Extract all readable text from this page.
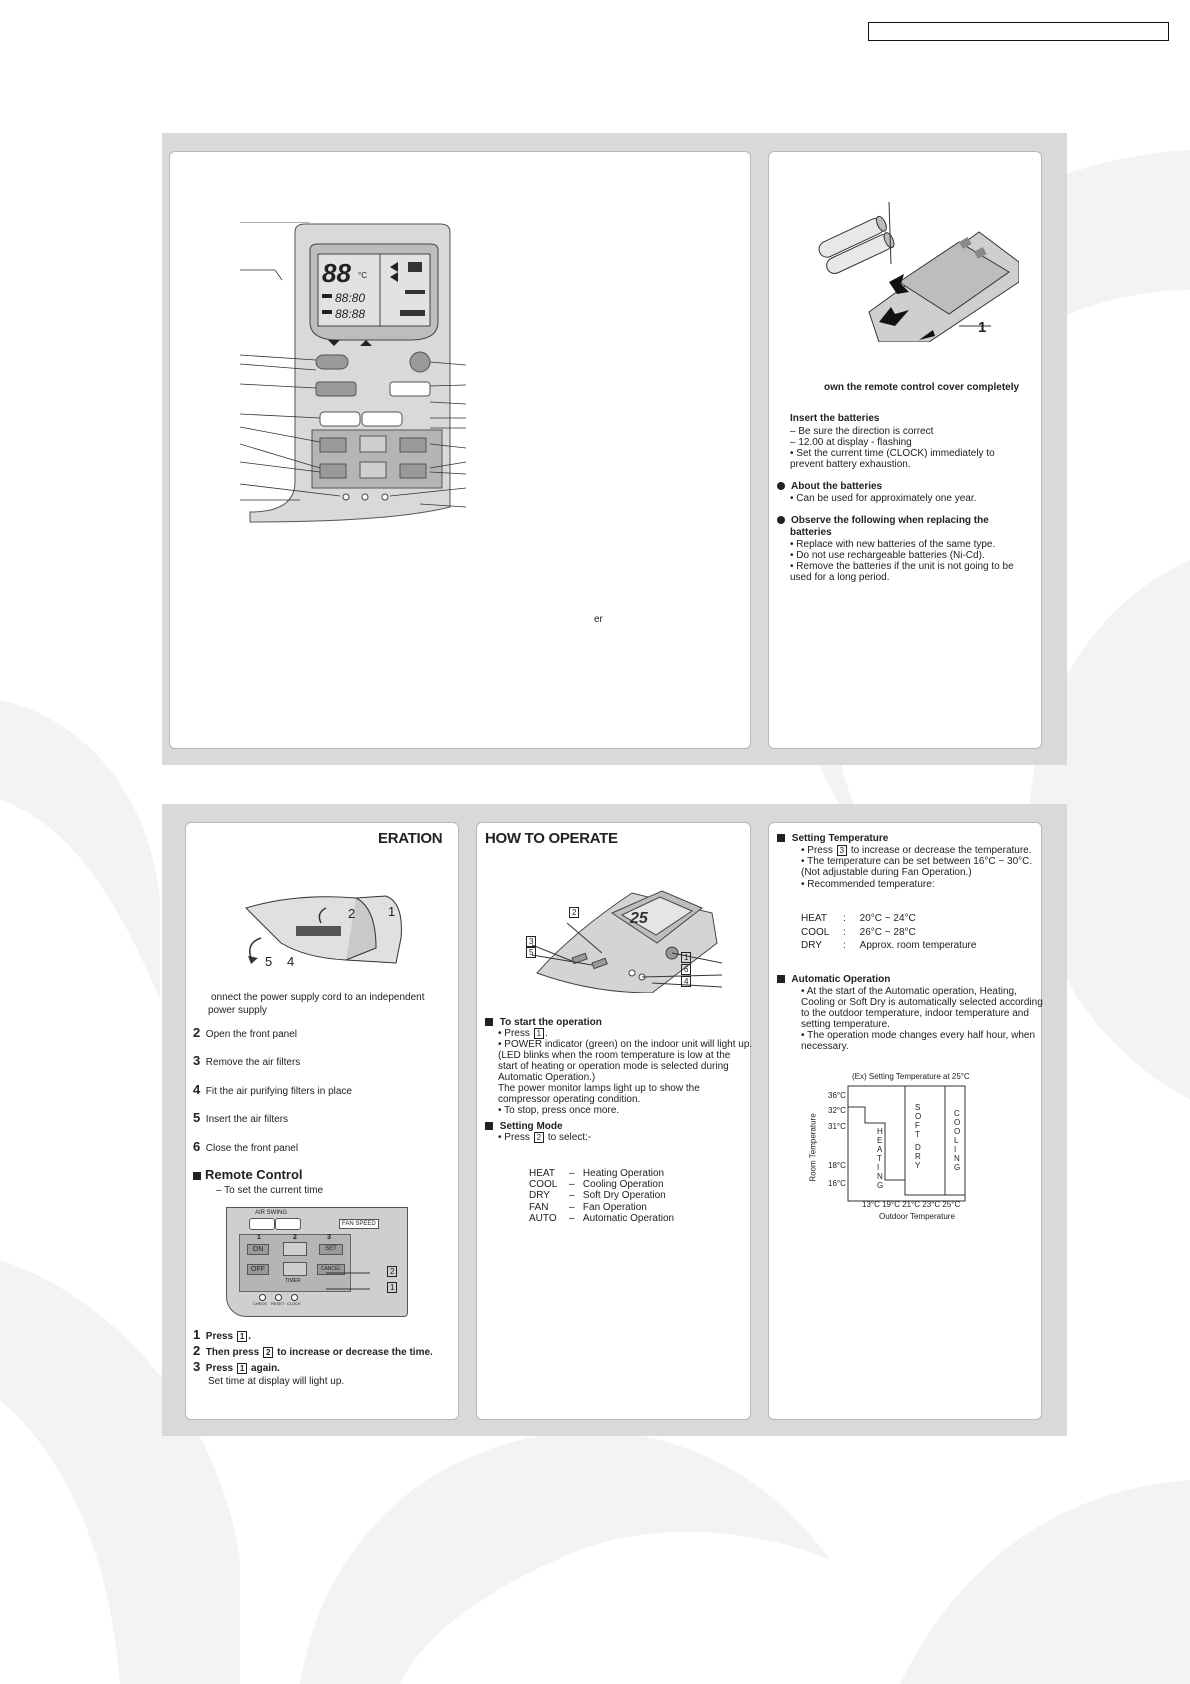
88 °C
88:80
88:88
er
1
own the remote control cover completely
Insert the batteries
– Be sure the direction is correct
– 12.00 at display - flashing
• Set the current time (CLOCK) immediately to
prevent battery exhaustion.
About the batteries
• Can be used for approximately one year.
Observe the following when replacing the
batteries
• Replace with new batteries of the same type.
• Do not use rechargeable batteries (Ni-Cd).
• Remove the batteries if the unit is not going to be
used for a long period.
ERATION
2	1
5 4
onnect the power supply cord to an independent
power supply
2 Open the front panel
3 Remove the air filters
4 Fit the air purifying filters in place
5 Insert the air filters
6 Close the front panel
Remote Control
– To set the current time
AIR SWING
FAN SPEED
1	2	3
ON
OFF
SET
CANCEL
TIMER
CHECK RESET CLOCK
2
1
1 Press 1 .
2 Then press 2 to increase or decrease the time.
3 Press 1 again.
Set time at display will light up.
HOW TO OPERATE
25
2
3
5
1
6
4
To start the operation
• Press 1 .
• POWER indicator (green) on the indoor unit will light up.
(LED blinks when the room temperature is low at the
start of heating or operation mode is selected during
Automatic Operation.)
The power monitor lamps light up to show the
compressor operating condition.
• To stop, press once more.
Setting Mode
• Press 2 to select:-
HEAT –   Heating Operation
COOL –   Cooling Operation
DRY –   Soft Dry Operation
FAN –   Fan Operation
AUTO –   Automatic Operation
Setting Temperature
• Press 3 to increase or decrease the temperature.
• The temperature can be set between 16°C ~ 30°C.
(Not adjustable during Fan Operation.)
• Recommended temperature:
HEAT :     20°C ~ 24°C
COOL :     26°C ~ 28°C
DRY :     Approx. room temperature
Automatic Operation
• At the start of the Automatic operation, Heating,
Cooling or Soft Dry is automatically selected according
to the outdoor temperature, indoor temperature and
setting temperature.
• The operation mode changes every half hour, when
necessary.
(Ex) Setting Temperature at 25°C
36°C
32°C
31°C
18°C
16°C
Room Temperature
13°C 19°C 21°C 23°C 25°C
Outdoor Temperature
HEATING
SOFT
DRY
COOLING
